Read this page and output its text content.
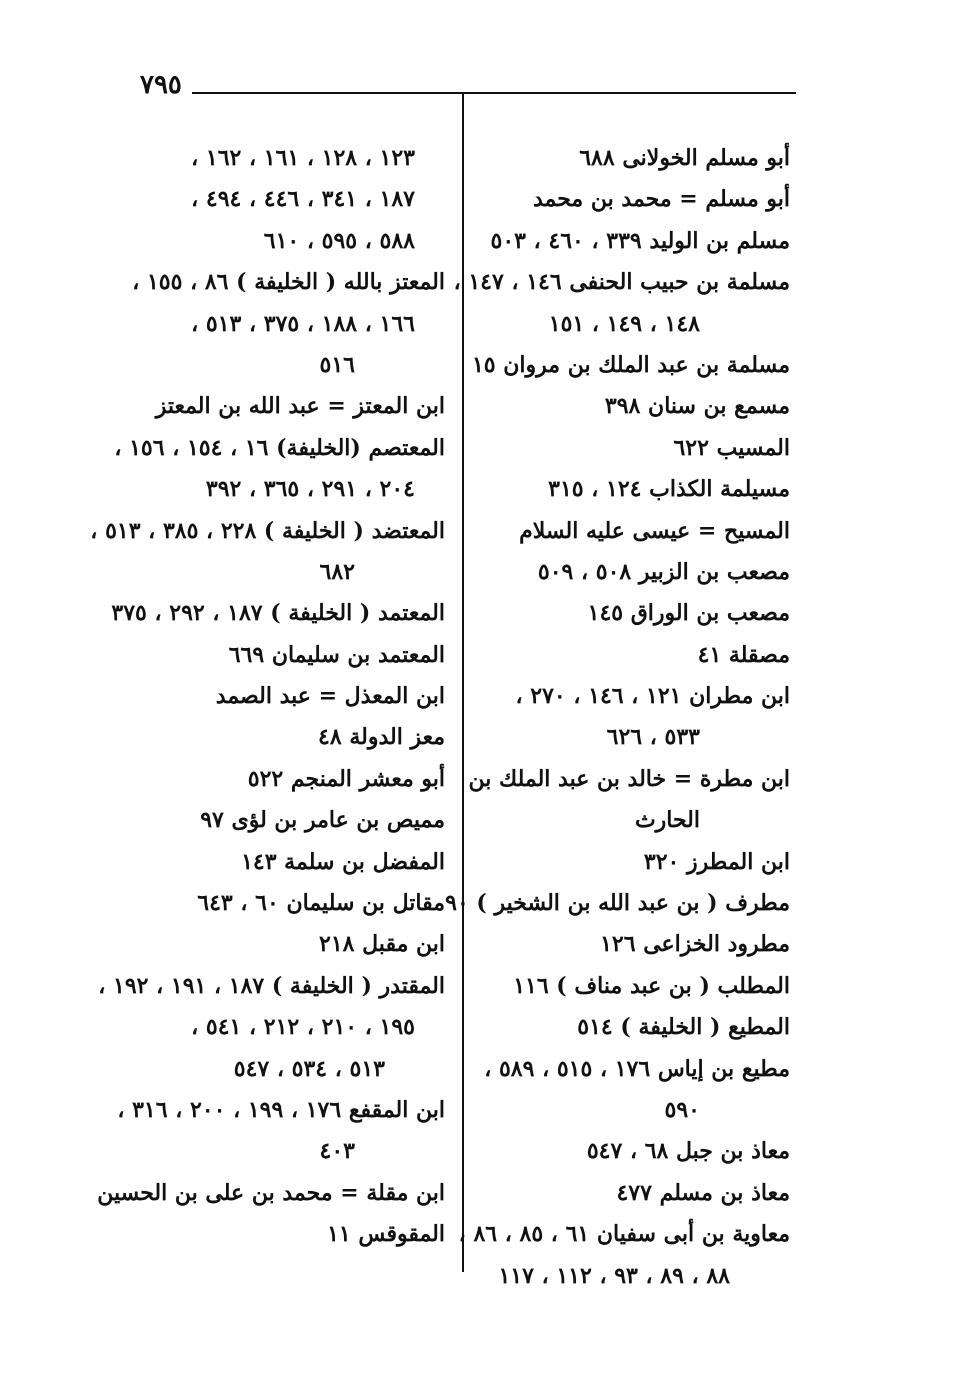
٧٩٥
أبو مسلم الخولانى ٦٨٨
أبو مسلم = محمد بن محمد
مسلم بن الوليد ٣٣٩ ، ٤٦٠ ، ٥٠٣
مسلمة بن حبيب الحنفى ١٤٦ ، ١٤٧ ،
١٤٨ ، ١٤٩ ، ١٥١
مسلمة بن عبد الملك بن مروان ١٥
مسمع بن سنان ٣٩٨
المسيب ٦٢٢
مسيلمة الكذاب ١٢٤ ، ٣١٥
المسيح = عيسى عليه السلام
مصعب بن الزبير ٥٠٨ ، ٥٠٩
مصعب بن الوراق ١٤٥
مصقلة ٤١
ابن مطران ١٢١ ، ١٤٦ ، ٢٧٠ ،
٥٣٣ ، ٦٢٦
ابن مطرة = خالد بن عبد الملك بن
الحارث
ابن المطرز ٣٢٠
مطرف ( بن عبد الله بن الشخير ) ٩٠
مطرود الخزاعى ١٢٦
المطلب ( بن عبد مناف ) ١١٦
المطيع ( الخليفة ) ٥١٤
مطيع بن إياس ١٧٦ ، ٥١٥ ، ٥٨٩ ،
٥٩٠
معاذ بن جبل ٦٨ ، ٥٤٧
معاذ بن مسلم ٤٧٧
معاوية بن أبى سفيان ٦١ ، ٨٥ ، ٨٦ ،
٨٨ ، ٨٩ ، ٩٣ ، ١١٢ ، ١١٧
١٢٣ ، ١٢٨ ، ١٦١ ، ١٦٢ ،
١٨٧ ، ٣٤١ ، ٤٤٦ ، ٤٩٤ ،
٥٨٨ ، ٥٩٥ ، ٦١٠
المعتز بالله ( الخليفة ) ٨٦ ، ١٥٥ ،
١٦٦ ، ١٨٨ ، ٣٧٥ ، ٥١٣ ،
٥١٦
ابن المعتز = عبد الله بن المعتز
المعتصم (الخليفة) ١٦ ، ١٥٤ ، ١٥٦ ،
٢٠٤ ، ٢٩١ ، ٣٦٥ ، ٣٩٢
المعتضد ( الخليفة ) ٢٢٨ ، ٣٨٥ ، ٥١٣ ،
٦٨٢
المعتمد ( الخليفة ) ١٨٧ ، ٢٩٢ ، ٣٧٥
المعتمد بن سليمان ٦٦٩
ابن المعذل = عبد الصمد
معز الدولة ٤٨
أبو معشر المنجم ٥٢٢
مميص بن عامر بن لؤى ٩٧
المفضل بن سلمة ١٤٣
مقاتل بن سليمان ٦٠ ، ٦٤٣
ابن مقبل ٢١٨
المقتدر ( الخليفة ) ١٨٧ ، ١٩١ ، ١٩٢ ،
١٩٥ ، ٢١٠ ، ٢١٢ ، ٥٤١ ،
٥١٣ ، ٥٣٤ ، ٥٤٧
ابن المقفع ١٧٦ ، ١٩٩ ، ٢٠٠ ، ٣١٦ ،
٤٠٣
ابن مقلة = محمد بن على بن الحسين
المقوقس ١١
